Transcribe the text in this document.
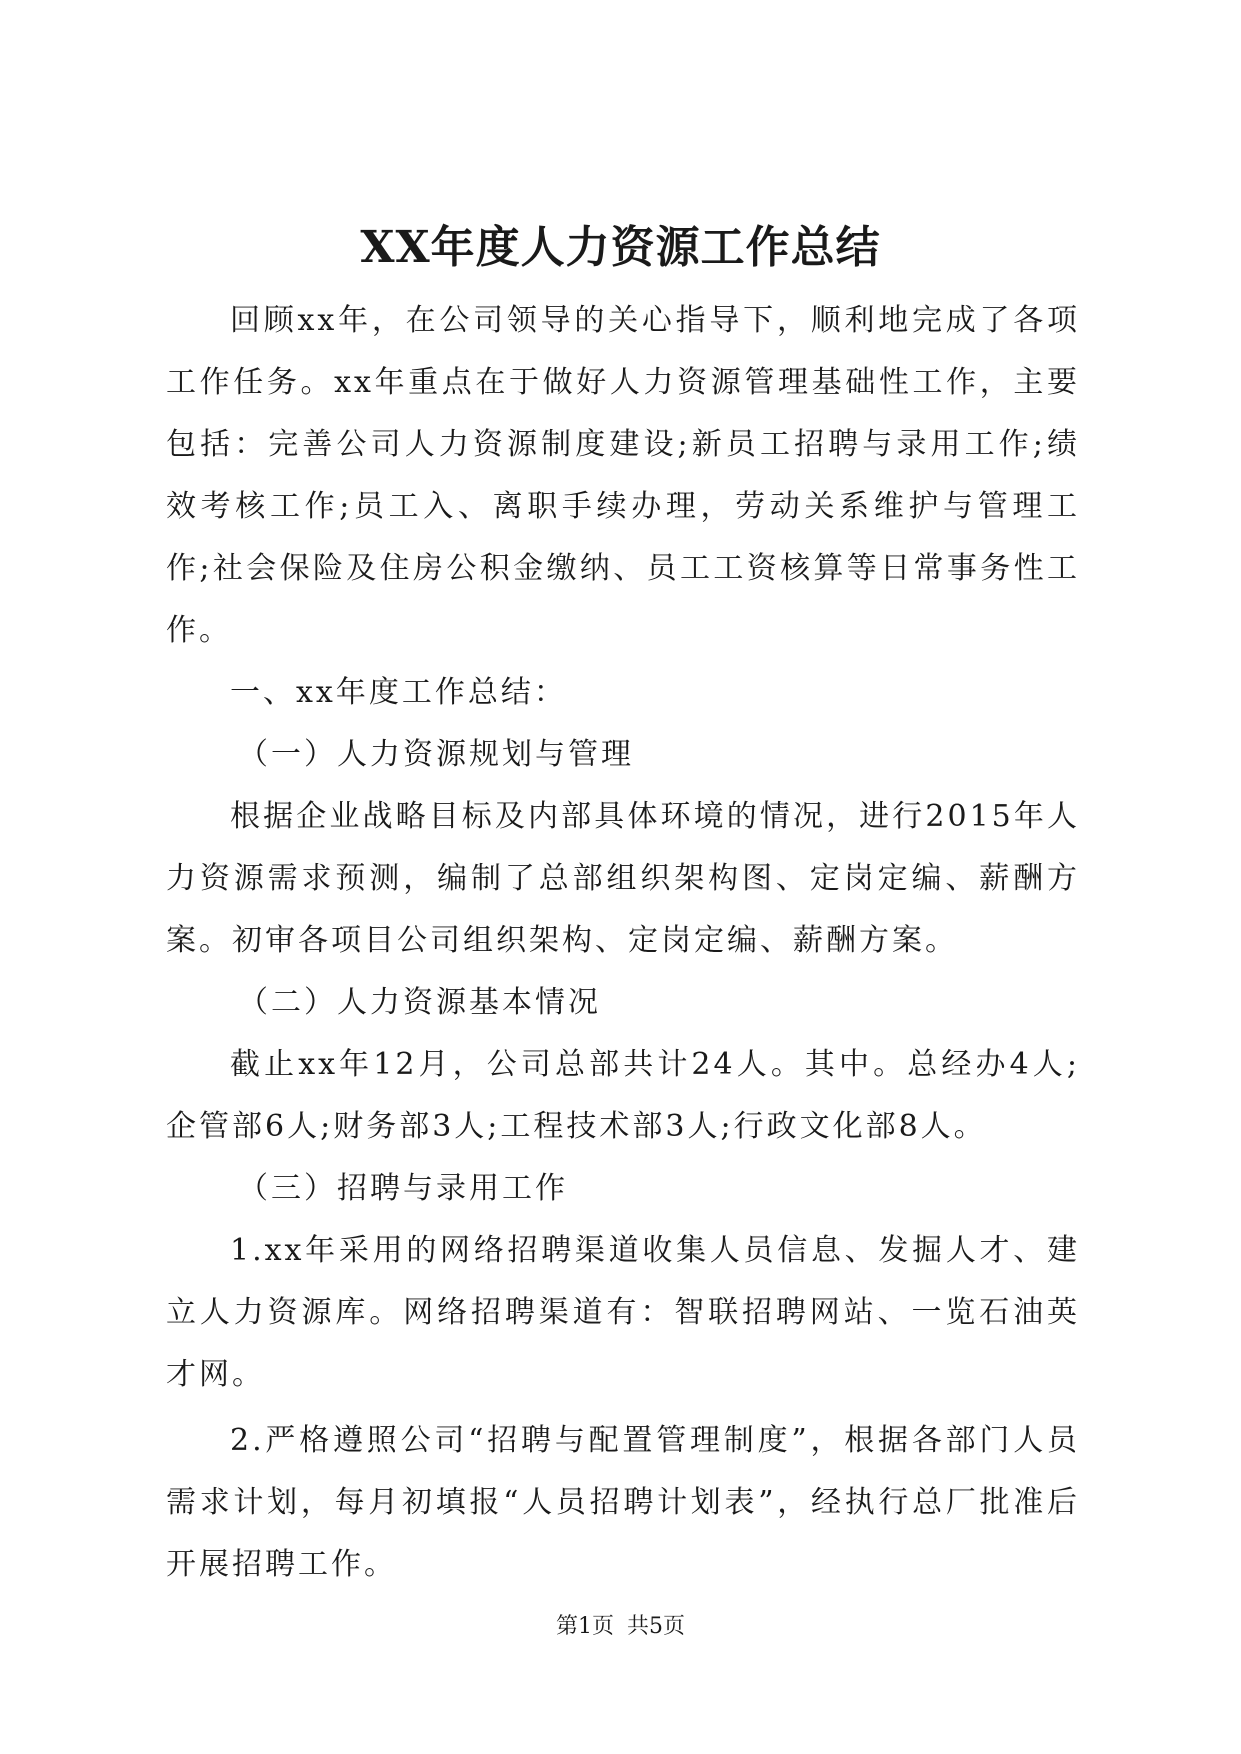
XX年度人力资源工作总结

回顾xx年，在公司领导的关心指导下，顺利地完成了各项工作任务。xx年重点在于做好人力资源管理基础性工作，主要包括：完善公司人力资源制度建设;新员工招聘与录用工作;绩效考核工作;员工入、离职手续办理，劳动关系维护与管理工作;社会保险及住房公积金缴纳、员工工资核算等日常事务性工作。

一、xx年度工作总结：

（一）人力资源规划与管理

根据企业战略目标及内部具体环境的情况，进行2015年人力资源需求预测，编制了总部组织架构图、定岗定编、薪酬方案。初审各项目公司组织架构、定岗定编、薪酬方案。

（二）人力资源基本情况

截止xx年12月，公司总部共计24人。其中。总经办4人;企管部6人;财务部3人;工程技术部3人;行政文化部8人。

（三）招聘与录用工作

1.xx年采用的网络招聘渠道收集人员信息、发掘人才、建立人力资源库。网络招聘渠道有：智联招聘网站、一览石油英才网。

2.严格遵照公司“招聘与配置管理制度”，根据各部门人员需求计划，每月初填报“人员招聘计划表”，经执行总厂批准后开展招聘工作。

第1页 共5页
